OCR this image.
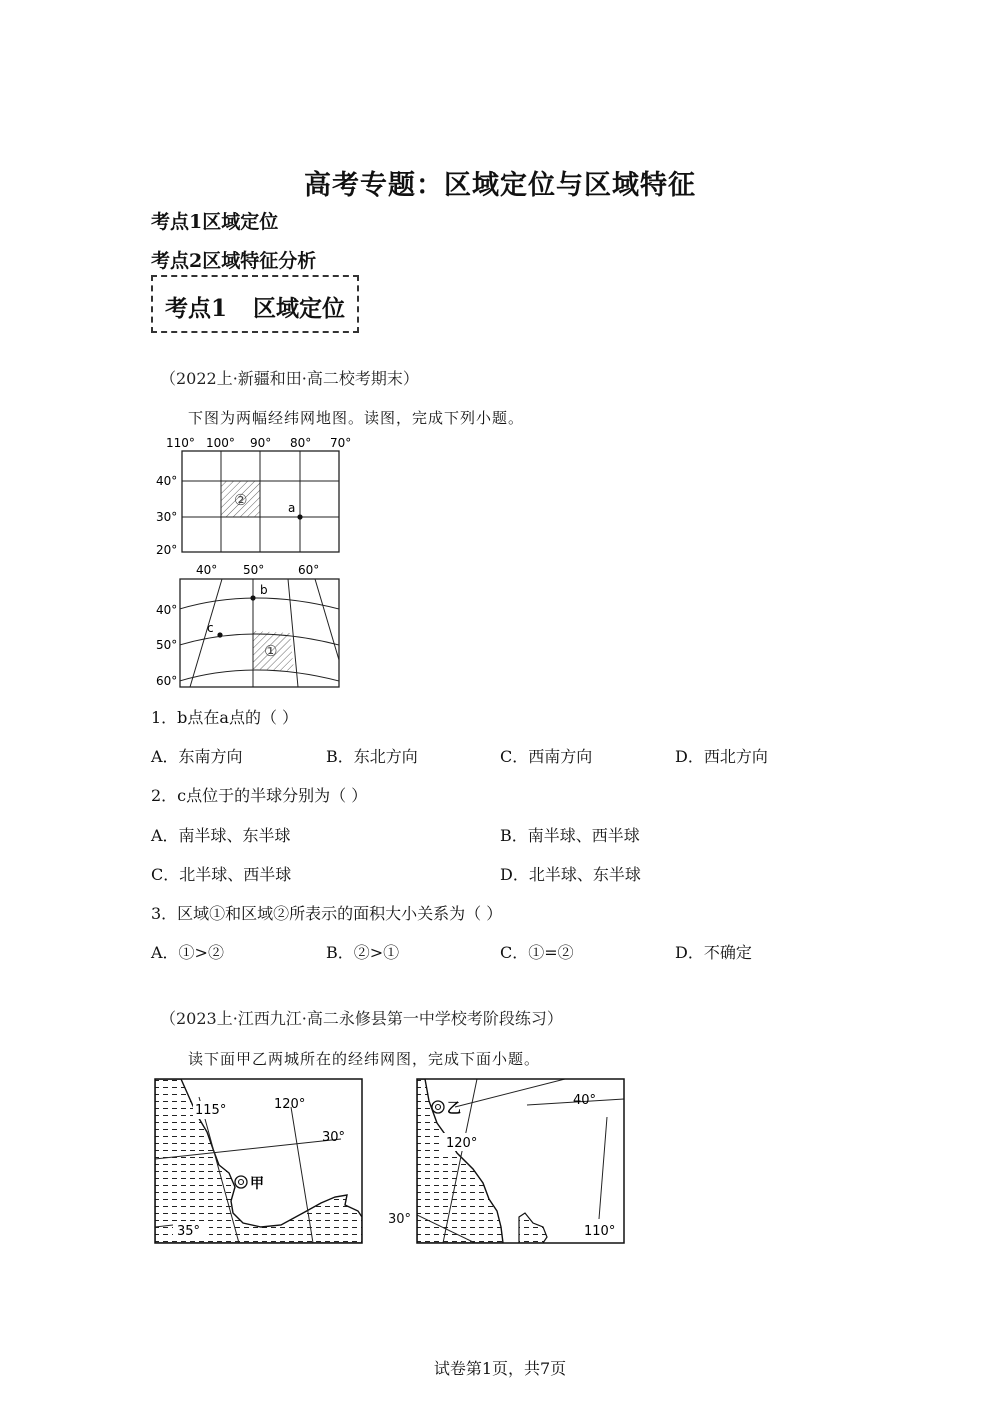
高考专题：区域定位与区域特征
考点1区域定位
考点2区域特征分析
考点1 区域定位
（2022上·新疆和田·高二校考期末）
下图为两幅经纬网地图。读图，完成下列小题。
110° 100° 90° 80° 70°
40°
30°
20°
②	a
40° 50°	60°
40°
50°
60°
①
b
c
1．b点在a点的（ ）
A．东南方向	B．东北方向	C．西南方向	D．西北方向
2．c点位于的半球分别为（ ）
A．南半球、东半球	B．南半球、西半球
C．北半球、西半球	D．北半球、东半球
3．区域①和区域②所表示的面积大小关系为（ ）
A．①>②	B．②>①	C．①=②	D．不确定
（2023上·江西九江·高二永修县第一中学校考阶段练习）
读下面甲乙两城所在的经纬网图，完成下面小题。
115°	120°
30°
35°
甲
40°
120°
110°
乙
30°
试卷第1页，共7页
